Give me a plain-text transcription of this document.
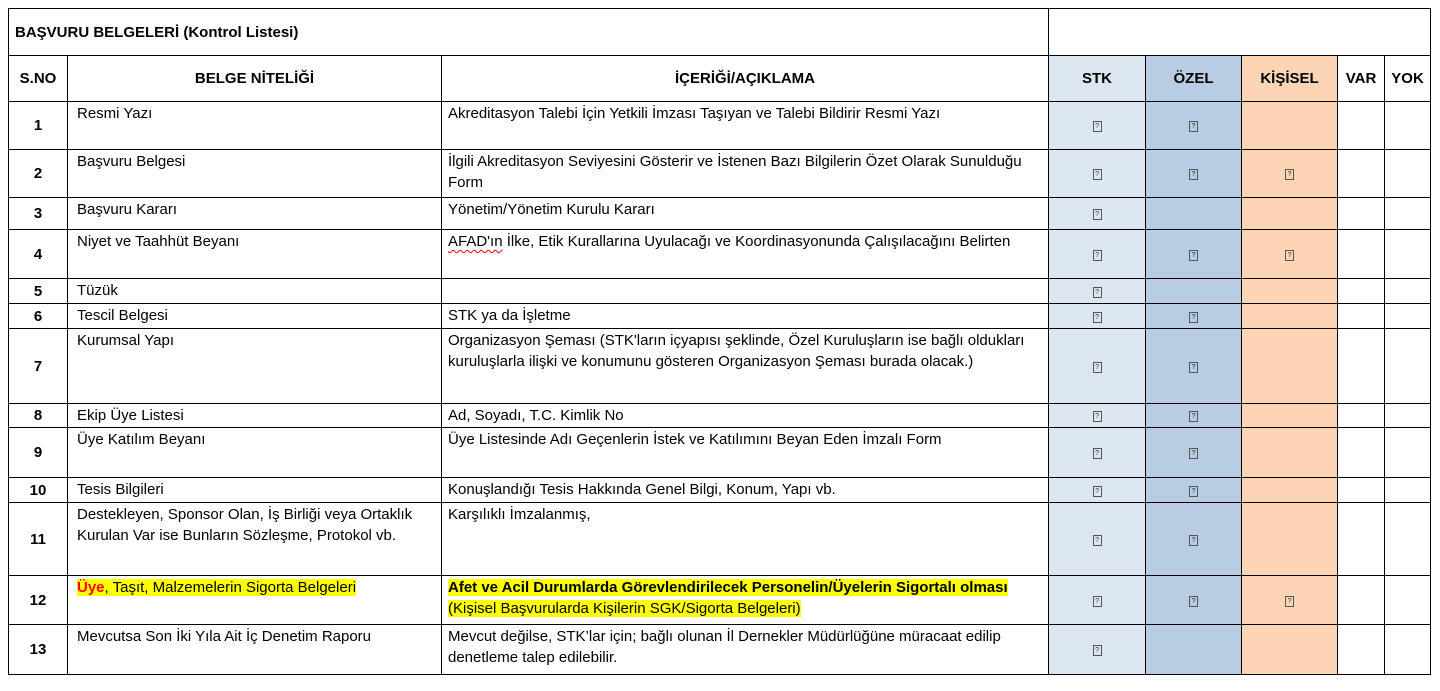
BAŞVURU BELGELERİ (Kontrol Listesi)							
S.NO	BELGE NİTELİĞİ	İÇERİĞİ/AÇIKLAMA	STK	ÖZEL	KİŞİSEL	VAR	YOK
1	Resmi Yazı	Akreditasyon Talebi İçin Yetkili İmzası Taşıyan ve Talebi Bildirir Resmi Yazı	?	?			
2	Başvuru Belgesi	İlgili Akreditasyon Seviyesini Gösterir ve İstenen Bazı Bilgilerin Özet Olarak Sunulduğu Form	?	?	?		
3	Başvuru Kararı	Yönetim/Yönetim Kurulu Kararı	?				
4	Niyet ve Taahhüt Beyanı	AFAD'ın İlke, Etik Kurallarına Uyulacağı ve Koordinasyonunda Çalışılacağını Belirten	?	?	?		
5	Tüzük		?				
6	Tescil Belgesi	STK ya da İşletme	?	?			
7	Kurumsal Yapı	Organizasyon Şeması (STK'ların içyapısı şeklinde, Özel Kuruluşların ise bağlı oldukları kuruluşlarla ilişki ve konumunu gösteren Organizasyon Şeması burada olacak.)	?	?			
8	Ekip Üye Listesi	Ad, Soyadı, T.C. Kimlik No	?	?			
9	Üye Katılım Beyanı	Üye Listesinde Adı Geçenlerin İstek ve Katılımını Beyan Eden İmzalı Form	?	?			
10	Tesis Bilgileri	Konuşlandığı Tesis Hakkında Genel Bilgi, Konum, Yapı vb.	?	?			
11	Destekleyen, Sponsor Olan, İş Birliği veya Ortaklık Kurulan Var ise Bunların Sözleşme, Protokol vb.	Karşılıklı İmzalanmış,	?	?			
12	Üye, Taşıt, Malzemelerin Sigorta Belgeleri	Afet ve Acil Durumlarda Görevlendirilecek Personelin/Üyelerin Sigortalı olması (Kişisel Başvurularda Kişilerin SGK/Sigorta Belgeleri)	?	?	?		
13	Mevcutsa Son İki Yıla Ait İç Denetim Raporu	Mevcut değilse, STK’lar için; bağlı olunan İl Dernekler Müdürlüğüne müracaat edilip denetleme talep edilebilir.	?				
